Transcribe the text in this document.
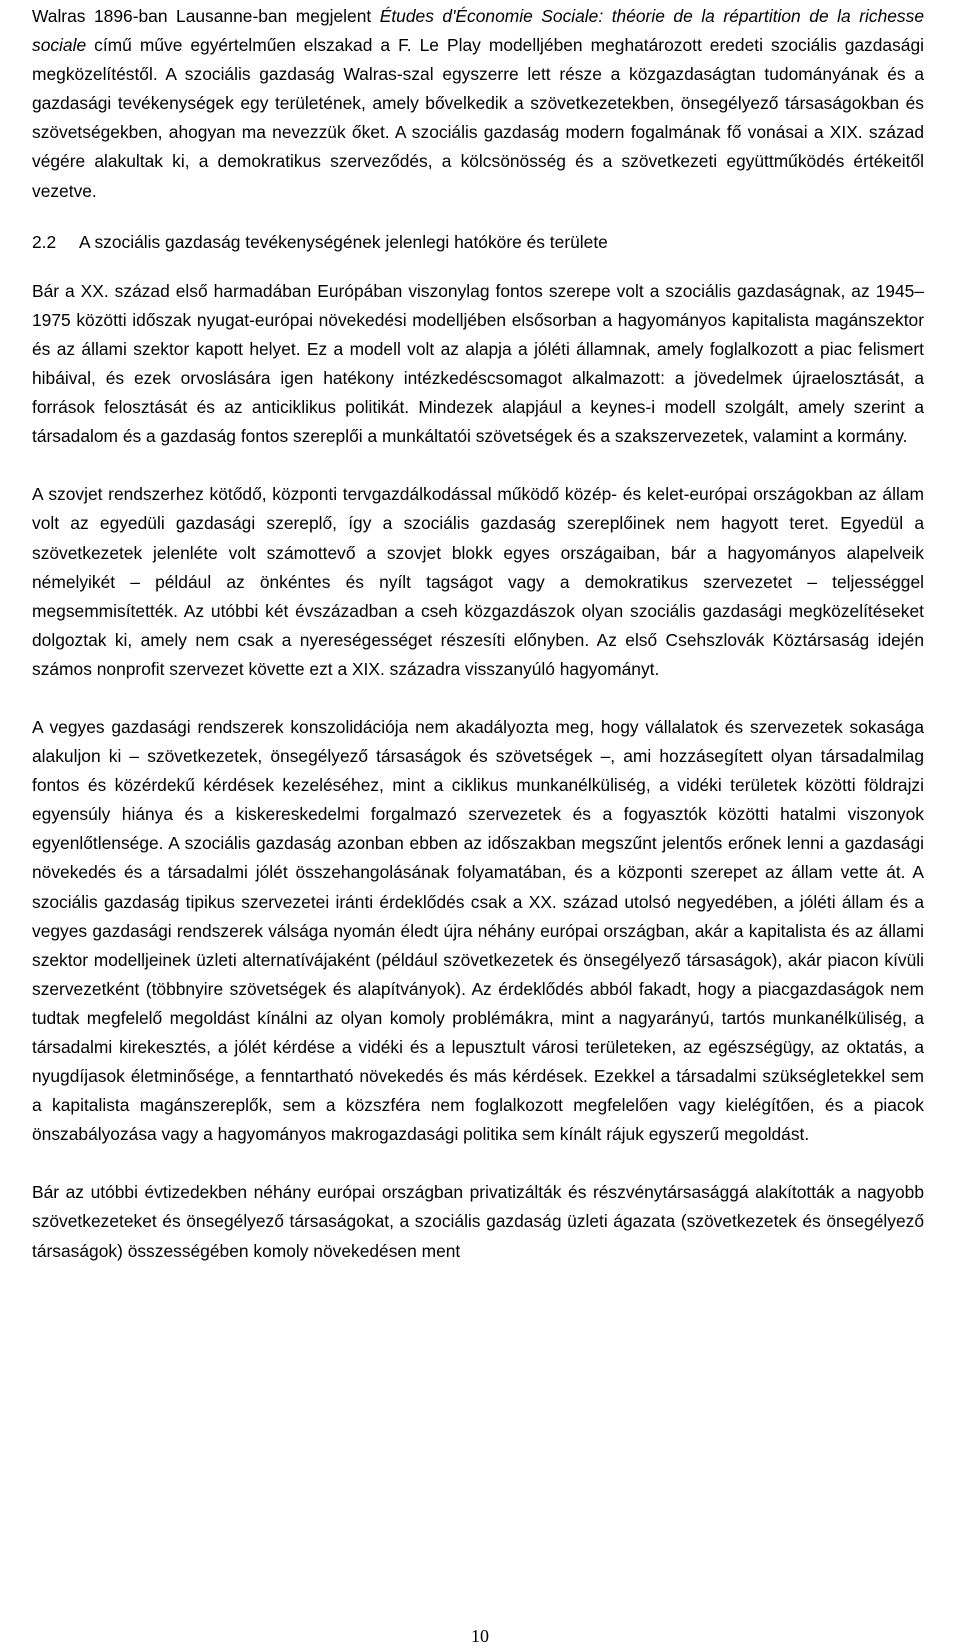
Walras 1896-ban Lausanne-ban megjelent Études d'Économie Sociale: théorie de la répartition de la richesse sociale című műve egyértelműen elszakad a F. Le Play modelljében meghatározott eredeti szociális gazdasági megközelítéstől. A szociális gazdaság Walras-szal egyszerre lett része a közgazdaságtan tudományának és a gazdasági tevékenységek egy területének, amely bővelkedik a szövetkezetekben, önsegélyező társaságokban és szövetségekben, ahogyan ma nevezzük őket. A szociális gazdaság modern fogalmának fő vonásai a XIX. század végére alakultak ki, a demokratikus szerveződés, a kölcsönösség és a szövetkezeti együttműködés értékeitől vezetve.

2.2	A szociális gazdaság tevékenységének jelenlegi hatóköre és területe

Bár a XX. század első harmadában Európában viszonylag fontos szerepe volt a szociális gazdaságnak, az 1945–1975 közötti időszak nyugat-európai növekedési modelljében elsősorban a hagyományos kapitalista magánszektor és az állami szektor kapott helyet. Ez a modell volt az alapja a jóléti államnak, amely foglalkozott a piac felismert hibáival, és ezek orvoslására igen hatékony intézkedéscsomagot alkalmazott: a jövedelmek újraelosztását, a források felosztását és az anticiklikus politikát. Mindezek alapjául a keynes-i modell szolgált, amely szerint a társadalom és a gazdaság fontos szereplői a munkáltatói szövetségek és a szakszervezetek, valamint a kormány.

A szovjet rendszerhez kötődő, központi tervgazdálkodással működő közép- és kelet-európai országokban az állam volt az egyedüli gazdasági szereplő, így a szociális gazdaság szereplőinek nem hagyott teret. Egyedül a szövetkezetek jelenléte volt számottevő a szovjet blokk egyes országaiban, bár a hagyományos alapelveik némelyikét – például az önkéntes és nyílt tagságot vagy a demokratikus szervezetet – teljességgel megsemmisítették. Az utóbbi két évszázadban a cseh közgazdászok olyan szociális gazdasági megközelítéseket dolgoztak ki, amely nem csak a nyereségességet részesíti előnyben. Az első Csehszlovák Köztársaság idején számos nonprofit szervezet követte ezt a XIX. századra visszanyúló hagyományt.

A vegyes gazdasági rendszerek konszolidációja nem akadályozta meg, hogy vállalatok és szervezetek sokasága alakuljon ki – szövetkezetek, önsegélyező társaságok és szövetségek –, ami hozzásegített olyan társadalmilag fontos és közérdekű kérdések kezeléséhez, mint a ciklikus munkanélküliség, a vidéki területek közötti földrajzi egyensúly hiánya és a kiskereskedelmi forgalmazó szervezetek és a fogyasztók közötti hatalmi viszonyok egyenlőtlensége. A szociális gazdaság azonban ebben az időszakban megszűnt jelentős erőnek lenni a gazdasági növekedés és a társadalmi jólét összehangolásának folyamatában, és a központi szerepet az állam vette át. A szociális gazdaság tipikus szervezetei iránti érdeklődés csak a XX. század utolsó negyedében, a jóléti állam és a vegyes gazdasági rendszerek válsága nyomán éledt újra néhány európai országban, akár a kapitalista és az állami szektor modelljeinek üzleti alternatívájaként (például szövetkezetek és önsegélyező társaságok), akár piacon kívüli szervezetként (többnyire szövetségek és alapítványok). Az érdeklődés abból fakadt, hogy a piacgazdaságok nem tudtak megfelelő megoldást kínálni az olyan komoly problémákra, mint a nagyarányú, tartós munkanélküliség, a társadalmi kirekesztés, a jólét kérdése a vidéki és a lepusztult városi területeken, az egészségügy, az oktatás, a nyugdíjasok életminősége, a fenntartható növekedés és más kérdések. Ezekkel a társadalmi szükségletekkel sem a kapitalista magánszereplők, sem a közszféra nem foglalkozott megfelelően vagy kielégítően, és a piacok önszabályozása vagy a hagyományos makrogazdasági politika sem kínált rájuk egyszerű megoldást.

Bár az utóbbi évtizedekben néhány európai országban privatizálták és részvénytársasággá alakították a nagyobb szövetkezeteket és önsegélyező társaságokat, a szociális gazdaság üzleti ágazata (szövetkezetek és önsegélyező társaságok) összességében komoly növekedésen ment

10
